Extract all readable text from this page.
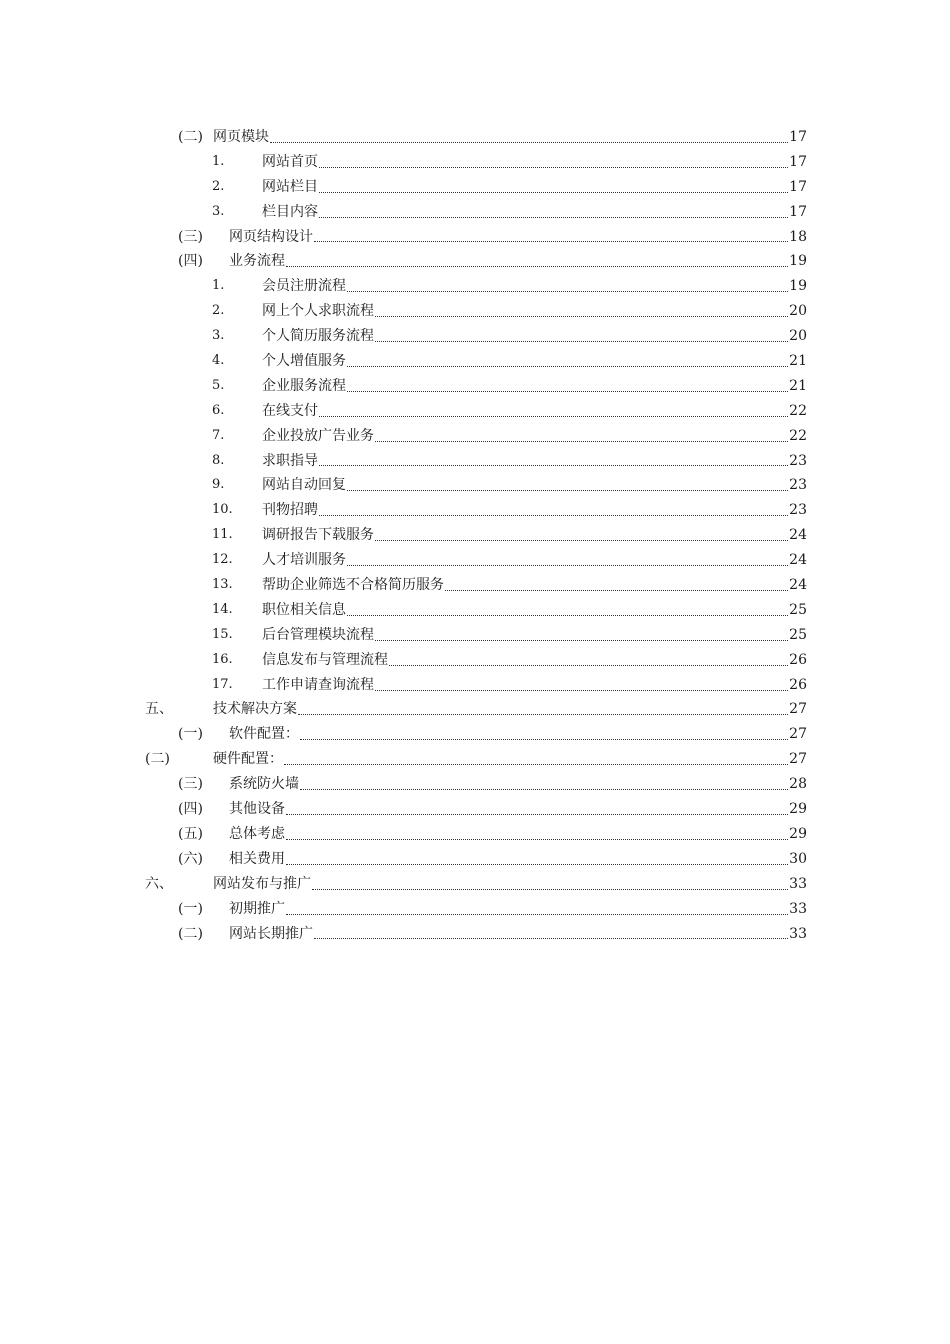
(二) 网页模块	17
1.	网站首页	17
2.	网站栏目	17
3.	栏目内容	17
(三) 网页结构设计	18
(四) 业务流程	19
1.	会员注册流程	19
2.	网上个人求职流程	20
3.	个人简历服务流程	20
4.	个人增值服务	21
5.	企业服务流程	21
6.	在线支付	22
7.	企业投放广告业务	22
8.	求职指导	23
9.	网站自动回复	23
10. 刊物招聘	23
11. 调研报告下载服务	24
12. 人才培训服务	24
13. 帮助企业筛选不合格简历服务	24
14. 职位相关信息	25
15. 后台管理模块流程	25
16. 信息发布与管理流程	26
17. 工作申请查询流程	26
五、	技术解决方案	27
(一) 软件配置：	27
(二)	硬件配置：	27
(三) 系统防火墙	28
(四) 其他设备	29
(五) 总体考虑	29
(六) 相关费用	30
六、	网站发布与推广	33
(一) 初期推广	33
(二) 网站长期推广	33
